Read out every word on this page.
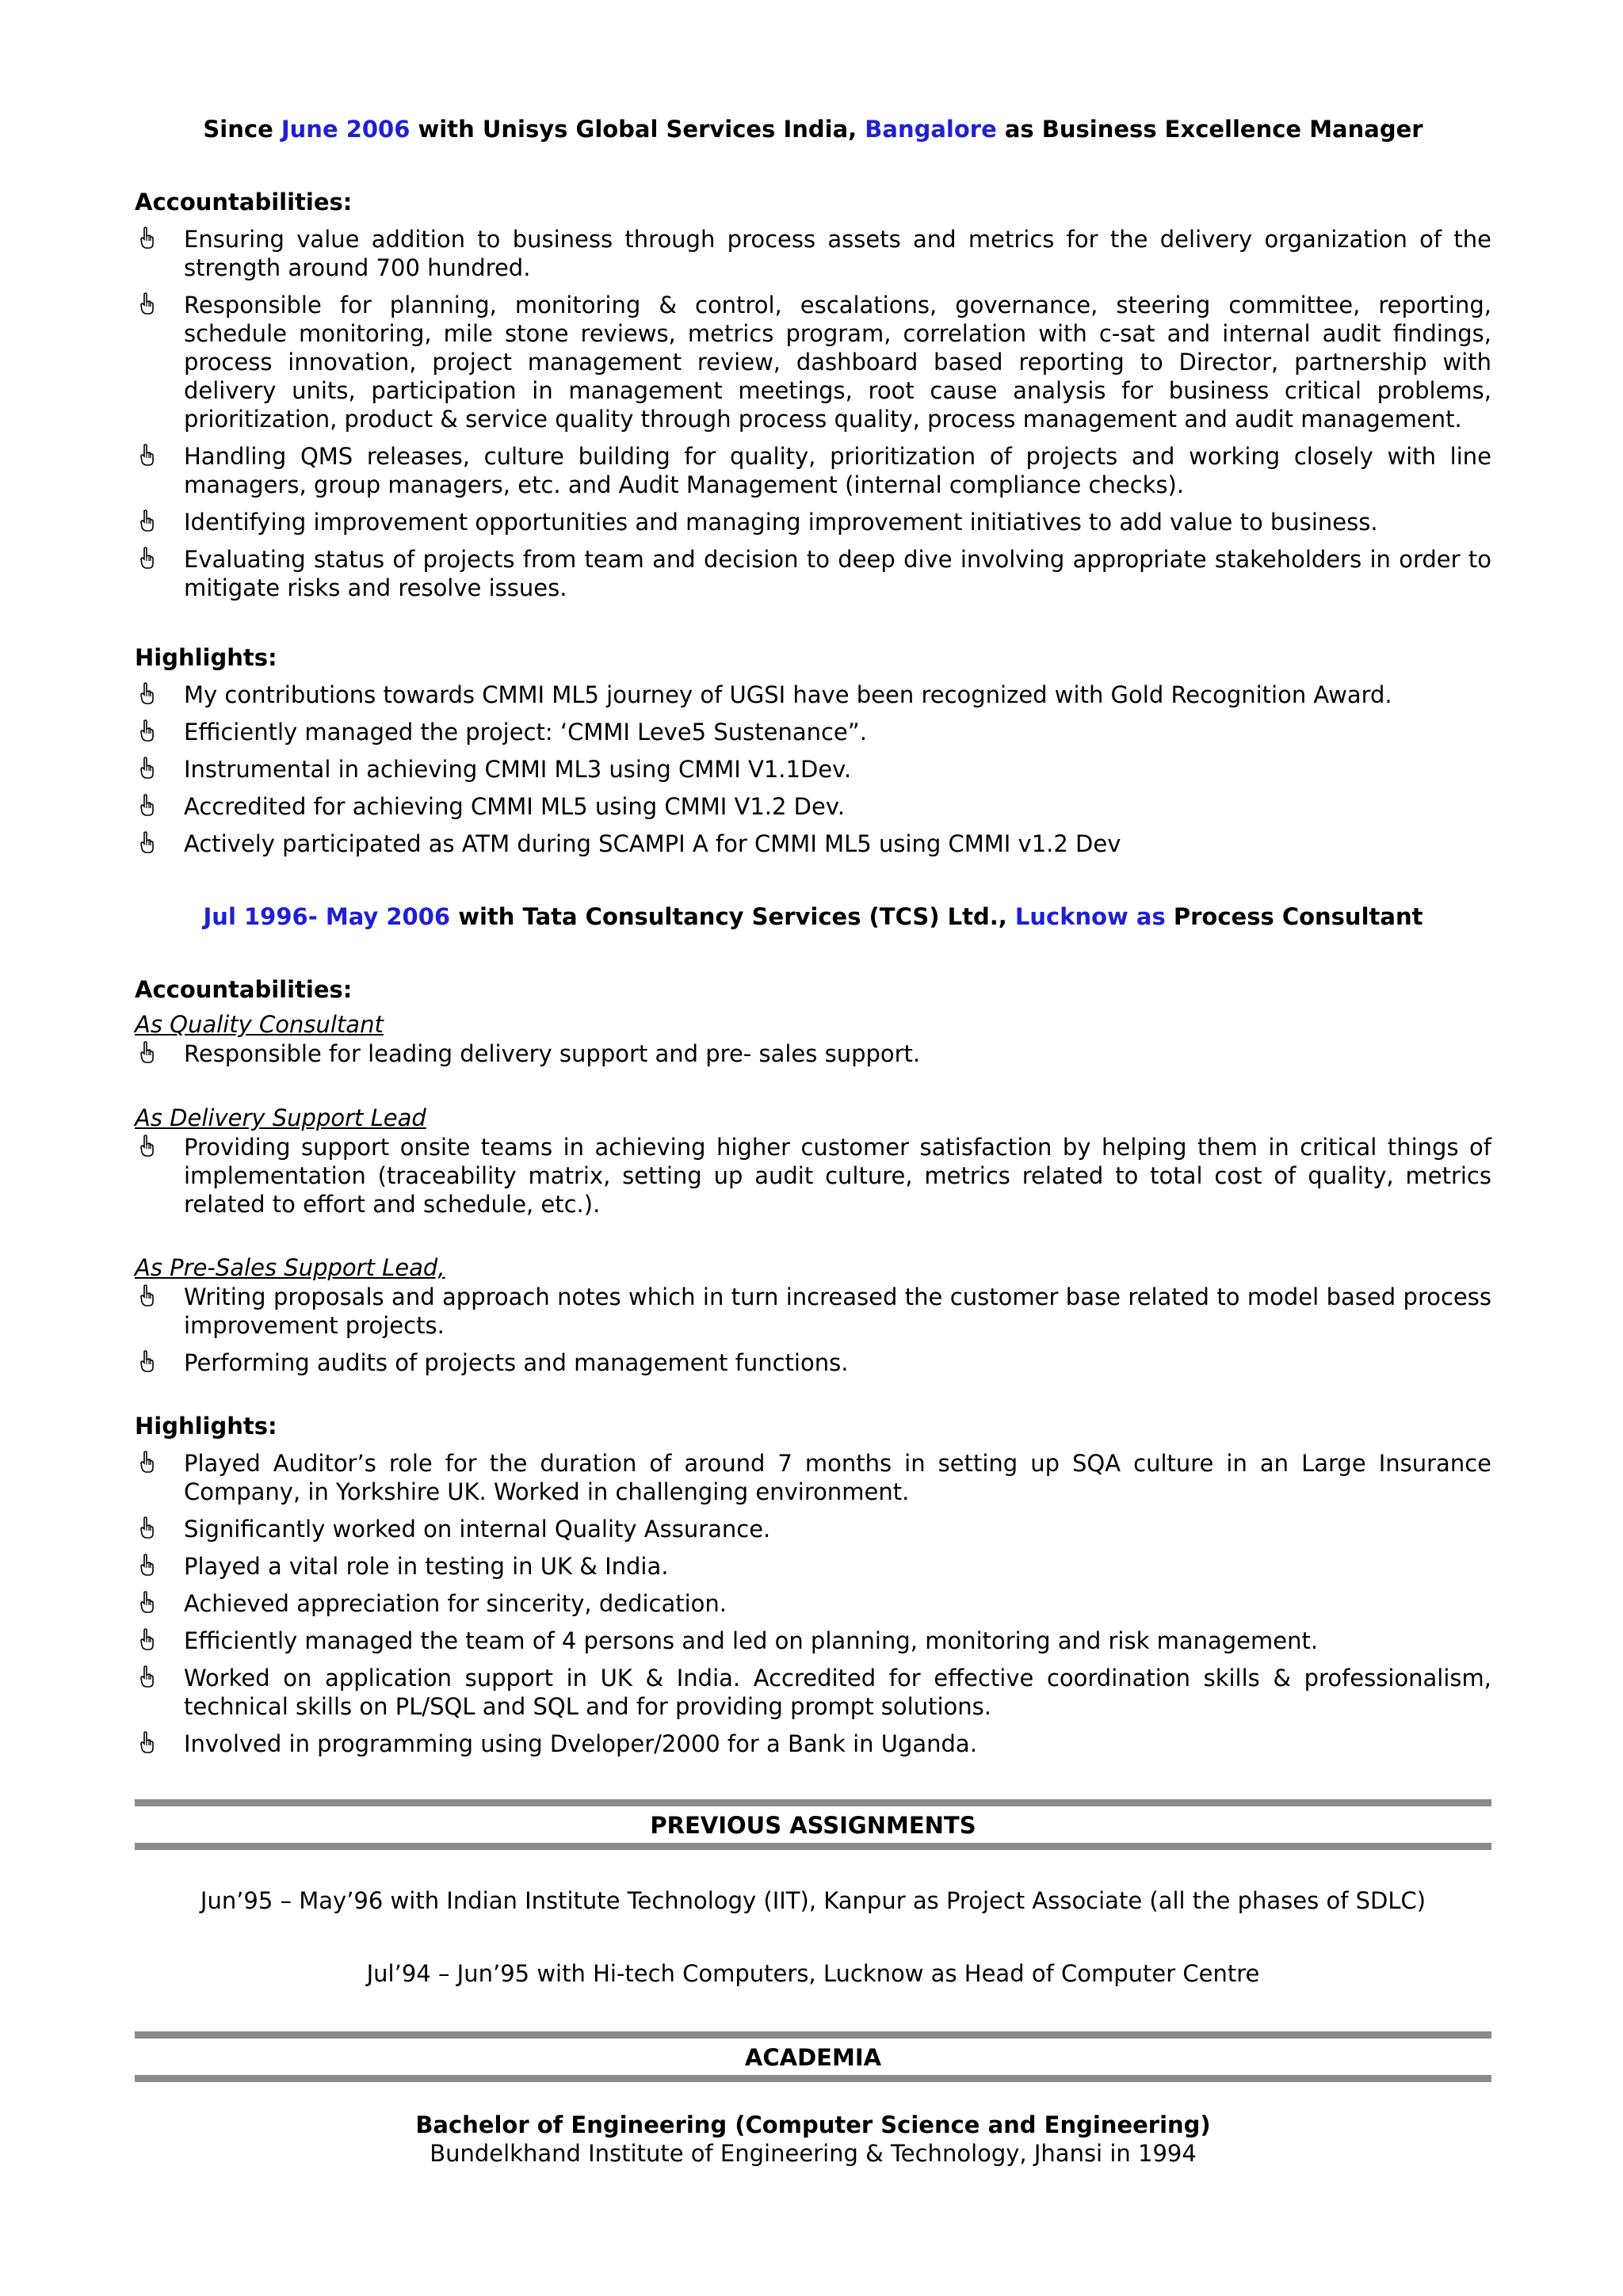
Since June 2006 with Unisys Global Services India, Bangalore as Business Excellence Manager
Accountabilities:
Ensuring value addition to business through process assets and metrics for the delivery organization of the strength around 700 hundred.
Responsible for planning, monitoring & control, escalations, governance, steering committee, reporting, schedule monitoring, mile stone reviews, metrics program, correlation with c-sat and internal audit findings, process innovation, project management review, dashboard based reporting to Director, partnership with delivery units, participation in management meetings, root cause analysis for business critical problems, prioritization, product & service quality through process quality, process management and audit management.
Handling QMS releases, culture building for quality, prioritization of projects and working closely with line managers, group managers, etc. and Audit Management (internal compliance checks).
Identifying improvement opportunities and managing improvement initiatives to add value to business.
Evaluating status of projects from team and decision to deep dive involving appropriate stakeholders in order to mitigate risks and resolve issues.
Highlights:
My contributions towards CMMI ML5 journey of UGSI have been recognized with Gold Recognition Award.
Efficiently managed the project: ‘CMMI Leve5 Sustenance”.
Instrumental in achieving CMMI ML3 using CMMI V1.1Dev.
Accredited for achieving CMMI ML5 using CMMI V1.2 Dev.
Actively participated as ATM during SCAMPI A for CMMI ML5 using CMMI v1.2 Dev
Jul 1996- May 2006 with Tata Consultancy Services (TCS) Ltd., Lucknow as Process Consultant
Accountabilities:
As Quality Consultant
Responsible for leading delivery support and pre- sales support.
As Delivery Support Lead
Providing support onsite teams in achieving higher customer satisfaction by helping them in critical things of implementation (traceability matrix, setting up audit culture, metrics related to total cost of quality, metrics related to effort and schedule, etc.).
As Pre-Sales Support Lead,
Writing proposals and approach notes which in turn increased the customer base related to model based process improvement projects.
Performing audits of projects and management functions.
Highlights:
Played Auditor’s role for the duration of around 7 months in setting up SQA culture in an Large Insurance Company, in Yorkshire UK. Worked in challenging environment.
Significantly worked on internal Quality Assurance.
Played a vital role in testing in UK & India.
Achieved appreciation for sincerity, dedication.
Efficiently managed the team of 4 persons and led on planning, monitoring and risk management.
Worked on application support in UK & India. Accredited for effective coordination skills & professionalism, technical skills on PL/SQL and SQL and for providing prompt solutions.
Involved in programming using Dveloper/2000 for a Bank in Uganda.
PREVIOUS ASSIGNMENTS
Jun’95 – May’96 with Indian Institute Technology (IIT), Kanpur as Project Associate (all the phases of SDLC)
Jul’94 – Jun’95 with Hi-tech Computers, Lucknow as Head of Computer Centre
ACADEMIA
Bachelor of Engineering (Computer Science and Engineering)
Bundelkhand Institute of Engineering & Technology, Jhansi in 1994
